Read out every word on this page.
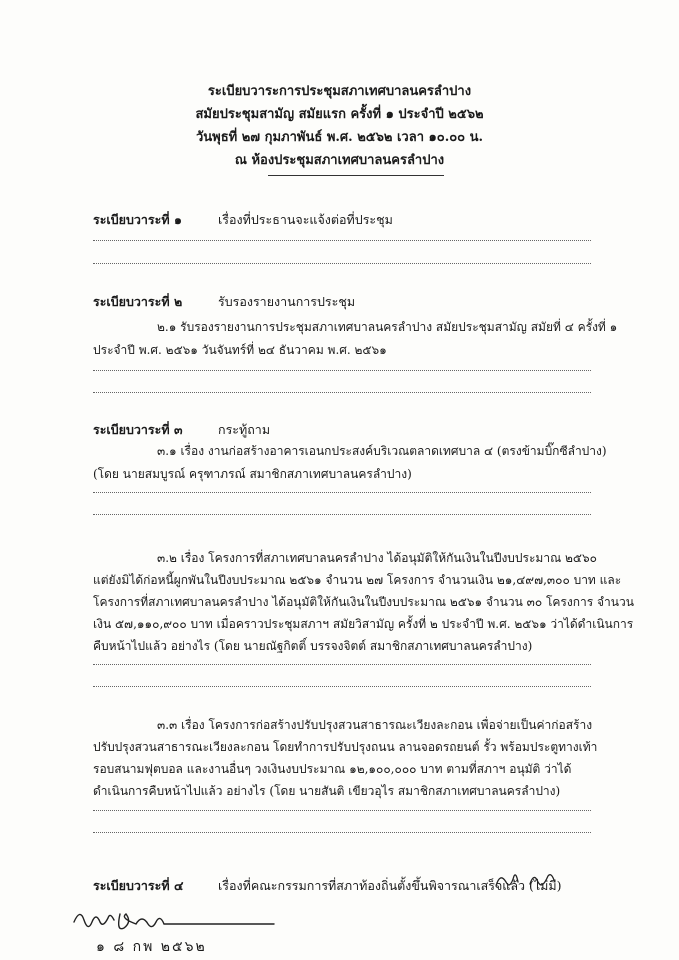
ระเบียบวาระการประชุมสภาเทศบาลนครลำปาง
สมัยประชุมสามัญ สมัยแรก ครั้งที่ ๑ ประจำปี ๒๕๖๒
วันพุธที่ ๒๗ กุมภาพันธ์ พ.ศ. ๒๕๖๒ เวลา ๑๐.๐๐ น.
ณ ห้องประชุมสภาเทศบาลนครลำปาง
ระเบียบวาระที่ ๑	เรื่องที่ประธานจะแจ้งต่อที่ประชุม
ระเบียบวาระที่ ๒	รับรองรายงานการประชุม
๒.๑ รับรองรายงานการประชุมสภาเทศบาลนครลำปาง สมัยประชุมสามัญ สมัยที่ ๔ ครั้งที่ ๑
ประจำปี พ.ศ. ๒๕๖๑ วันจันทร์ที่ ๒๔ ธันวาคม พ.ศ. ๒๕๖๑
ระเบียบวาระที่ ๓	กระทู้ถาม
๓.๑ เรื่อง งานก่อสร้างอาคารเอนกประสงค์บริเวณตลาดเทศบาล ๔ (ตรงข้ามบิ๊กซีลำปาง)
(โดย นายสมบูรณ์ ครุฑาภรณ์ สมาชิกสภาเทศบาลนครลำปาง)
๓.๒ เรื่อง โครงการที่สภาเทศบาลนครลำปาง ได้อนุมัติให้กันเงินในปีงบประมาณ ๒๕๖๐
แต่ยังมิได้ก่อหนี้ผูกพันในปีงบประมาณ ๒๕๖๑ จำนวน ๒๗ โครงการ จำนวนเงิน ๒๑,๔๙๗,๓๐๐ บาท และ
โครงการที่สภาเทศบาลนครลำปาง ได้อนุมัติให้กันเงินในปีงบประมาณ ๒๕๖๑ จำนวน ๓๐ โครงการ จำนวน
เงิน ๕๗,๑๑๐,๙๐๐ บาท เมื่อคราวประชุมสภาฯ สมัยวิสามัญ ครั้งที่ ๒ ประจำปี พ.ศ. ๒๕๖๑ ว่าได้ดำเนินการ
คืบหน้าไปแล้ว อย่างไร (โดย นายณัฐกิตติ์ บรรจงจิตต์ สมาชิกสภาเทศบาลนครลำปาง)
๓.๓ เรื่อง โครงการก่อสร้างปรับปรุงสวนสาธารณะเวียงละกอน เพื่อจ่ายเป็นค่าก่อสร้าง
ปรับปรุงสวนสาธารณะเวียงละกอน โดยทำการปรับปรุงถนน ลานจอดรถยนต์ รั้ว พร้อมประตูทางเท้า
รอบสนามฟุตบอล และงานอื่นๆ วงเงินงบประมาณ ๑๒,๑๐๐,๐๐๐ บาท ตามที่สภาฯ อนุมัติ ว่าได้
ดำเนินการคืบหน้าไปแล้ว อย่างไร (โดย นายสันติ เขียวอุไร สมาชิกสภาเทศบาลนครลำปาง)
ระเบียบวาระที่ ๔	เรื่องที่คณะกรรมการที่สภาท้องถิ่นตั้งขึ้นพิจารณาเสร็จแล้ว (ไม่มี)
๑ ๘ กพ ๒๕๖๒
